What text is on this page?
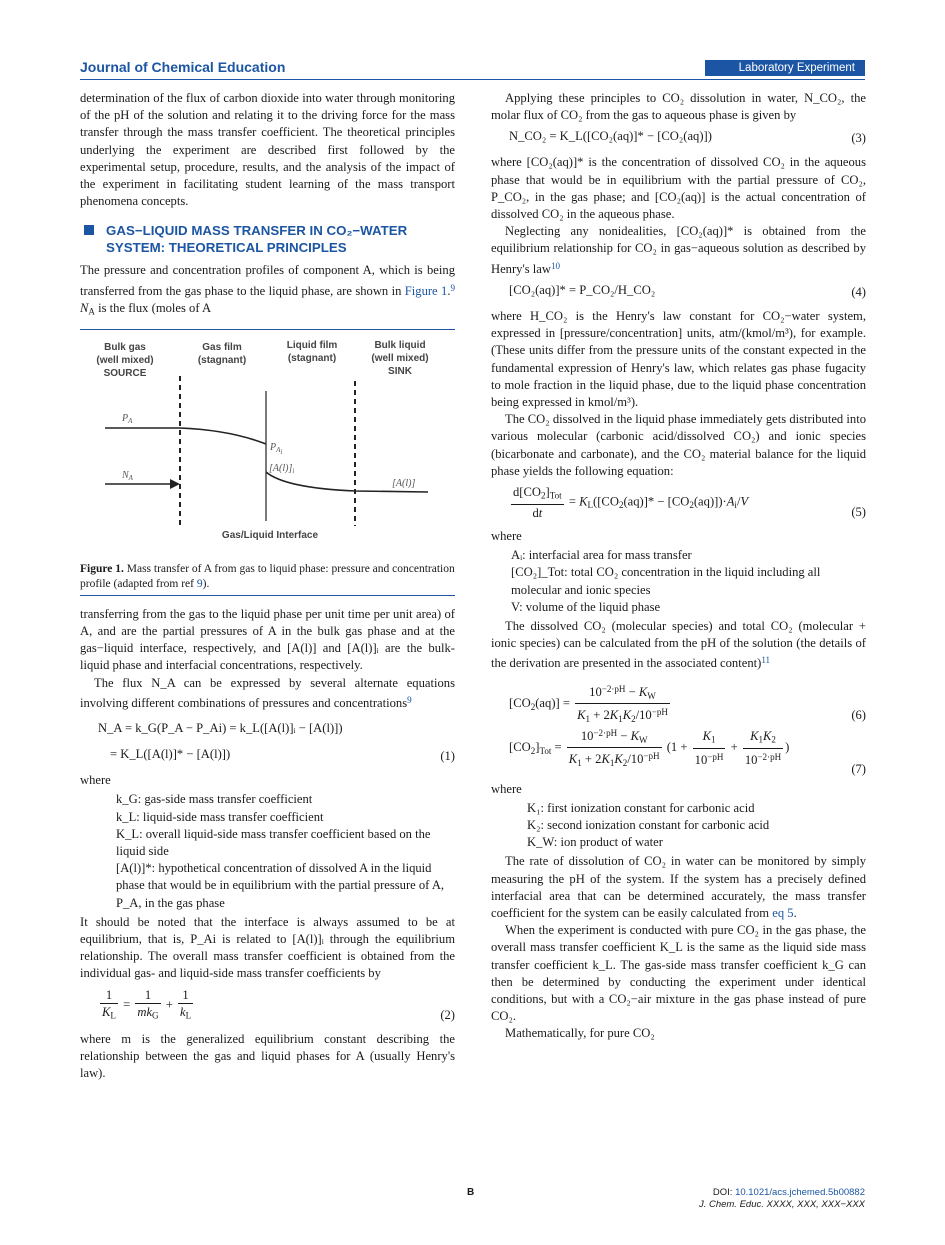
Journal of Chemical Education	Laboratory Experiment

determination of the flux of carbon dioxide into water through monitoring of the pH of the solution and relating it to the driving force for the mass transfer through the mass transfer coefficient. The theoretical principles underlying the experiment are described first followed by the experimental setup, procedure, results, and the analysis of the impact of the experiment in facilitating student learning of the mass transport phenomena concepts.

GAS−LIQUID MASS TRANSFER IN CO₂−WATER SYSTEM: THEORETICAL PRINCIPLES

The pressure and concentration profiles of component A, which is being transferred from the gas phase to the liquid phase, are shown in Figure 1.$^9$ $N_A$ is the flux (moles of A

Bulk gas
(well mixed)
SOURCE
Gas film
(stagnant)
Liquid film
(stagnant)
Bulk liquid
(well mixed)
SINK
Gas/Liquid Interface
$P_A$
$N_A$
$P_{Ai}$
$[A(l)]_i$
[A(l)]
Figure 1. Mass transfer of A from gas to liquid phase: pressure and concentration profile (adapted from ref 9).

transferring from the gas to the liquid phase per unit time per unit area) of A, and are the partial pressures of A in the bulk gas phase and at the gas−liquid interface, respectively, and [A(l)] and [A(l)]ᵢ are the bulk-liquid phase and interfacial concentrations, respectively.

The flux N_A can be expressed by several alternate equations involving different combinations of pressures and concentrations$^9$

N_A = k_G(P_A − P_Ai) = k_L([A(l)]ᵢ − [A(l)])
= K_L([A(l)]* − [A(l)])	(1)

where

k_G: gas-side mass transfer coefficient
k_L: liquid-side mass transfer coefficient
K_L: overall liquid-side mass transfer coefficient based on the liquid side
[A(l)]*: hypothetical concentration of dissolved A in the liquid phase that would be in equilibrium with the partial pressure of A, P_A, in the gas phase

It should be noted that the interface is always assumed to be at equilibrium, that is, P_Ai is related to [A(l)]ᵢ through the equilibrium relationship. The overall mass transfer coefficient is obtained from the individual gas- and liquid-side mass transfer coefficients by

$\frac{1}{K_L} = \frac{1}{mk_G} + \frac{1}{k_L}$	(2)

where m is the generalized equilibrium constant describing the relationship between the gas and liquid phases for A (usually Henry's law).

Applying these principles to CO₂ dissolution in water, N_CO₂, the molar flux of CO₂ from the gas to aqueous phase is given by

N_CO₂ = K_L([CO₂(aq)]* − [CO₂(aq)])	(3)

where [CO₂(aq)]* is the concentration of dissolved CO₂ in the aqueous phase that would be in equilibrium with the partial pressure of CO₂, P_CO₂, in the gas phase; and [CO₂(aq)] is the actual concentration of dissolved CO₂ in the aqueous phase.

Neglecting any nonidealities, [CO₂(aq)]* is obtained from the equilibrium relationship for CO₂ in gas−aqueous solution as described by Henry's law$^{10}$

[CO₂(aq)]* = P_CO₂/H_CO₂	(4)

where H_CO₂ is the Henry's law constant for CO₂−water system, expressed in [pressure/concentration] units, atm/(kmol/m³), for example. (These units differ from the pressure units of the constant expected in the fundamental expression of Henry's law, which relates gas phase fugacity to mole fraction in the liquid phase, due to the liquid phase concentration being expressed in kmol/m³).

The CO₂ dissolved in the liquid phase immediately gets distributed into various molecular (carbonic acid/dissolved CO₂) and ionic species (bicarbonate and carbonate), and the CO₂ material balance for the liquid phase yields the following equation:

$\frac{d[CO_2]_{Tot}}{dt} = K_L([CO_2(aq)]* - [CO_2(aq)])\cdot A_i/V$
(5)

where

Aᵢ: interfacial area for mass transfer
[CO₂]_Tot: total CO₂ concentration in the liquid including all molecular and ionic species
V: volume of the liquid phase

The dissolved CO₂ (molecular species) and total CO₂ (molecular + ionic species) can be calculated from the pH of the solution (the details of the derivation are presented in the associated content)$^{11}$

$[CO_2(aq)] = \frac{10^{-2\cdot pH} - K_W}{K_1 + 2K_1K_2/10^{-pH}}$	(6)
$[CO_2]_{Tot} = \frac{10^{-2\cdot pH} - K_W}{K_1 + 2K_1K_2/10^{-pH}} (1 + \frac{K_1}{10^{-pH}} + \frac{K_1K_2}{10^{-2\cdot pH}}$ )
(7)

where

K₁: first ionization constant for carbonic acid
K₂: second ionization constant for carbonic acid
K_W: ion product of water

The rate of dissolution of CO₂ in water can be monitored by simply measuring the pH of the system. If the system has a precisely defined interfacial area that can be determined accurately, the mass transfer coefficient for the system can be easily calculated from eq 5.

When the experiment is conducted with pure CO₂ in the gas phase, the overall mass transfer coefficient K_L is the same as the liquid side mass transfer coefficient k_L. The gas-side mass transfer coefficient k_G can then be determined by conducting the experiment under identical conditions, but with a CO₂−air mixture in the gas phase instead of pure CO₂.

Mathematically, for pure CO₂

B	DOI: 10.1021/acs.jchemed.5b00882
J. Chem. Educ. XXXX, XXX, XXX−XXX
